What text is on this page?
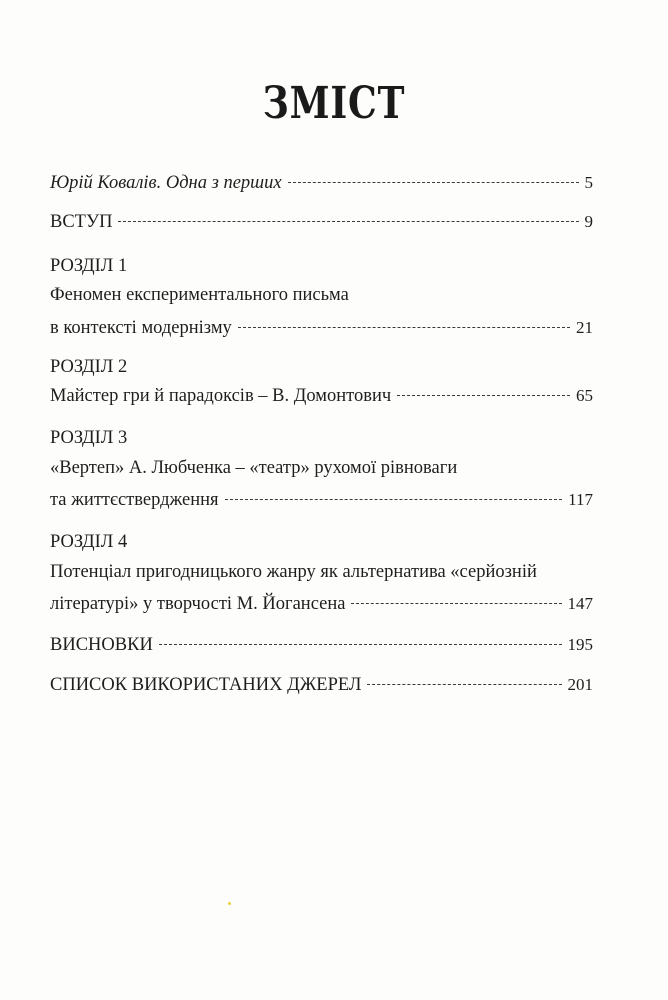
ЗМІСТ
Юрій Ковалів. Одна з перших	5
ВСТУП	9
РОЗДІЛ 1
Феномен експериментального письма
в контексті модернізму	21
РОЗДІЛ 2
Майстер гри й парадоксів – В. Домонтович	65
РОЗДІЛ 3
«Вертеп» А. Любченка – «театр» рухомої рівноваги
та життєствердження	117
РОЗДІЛ 4
Потенціал пригодницького жанру як альтернатива «серйозній
літературі» у творчості М. Йогансена	147
ВИСНОВКИ	195
СПИСОК ВИКОРИСТАНИХ ДЖЕРЕЛ	201
